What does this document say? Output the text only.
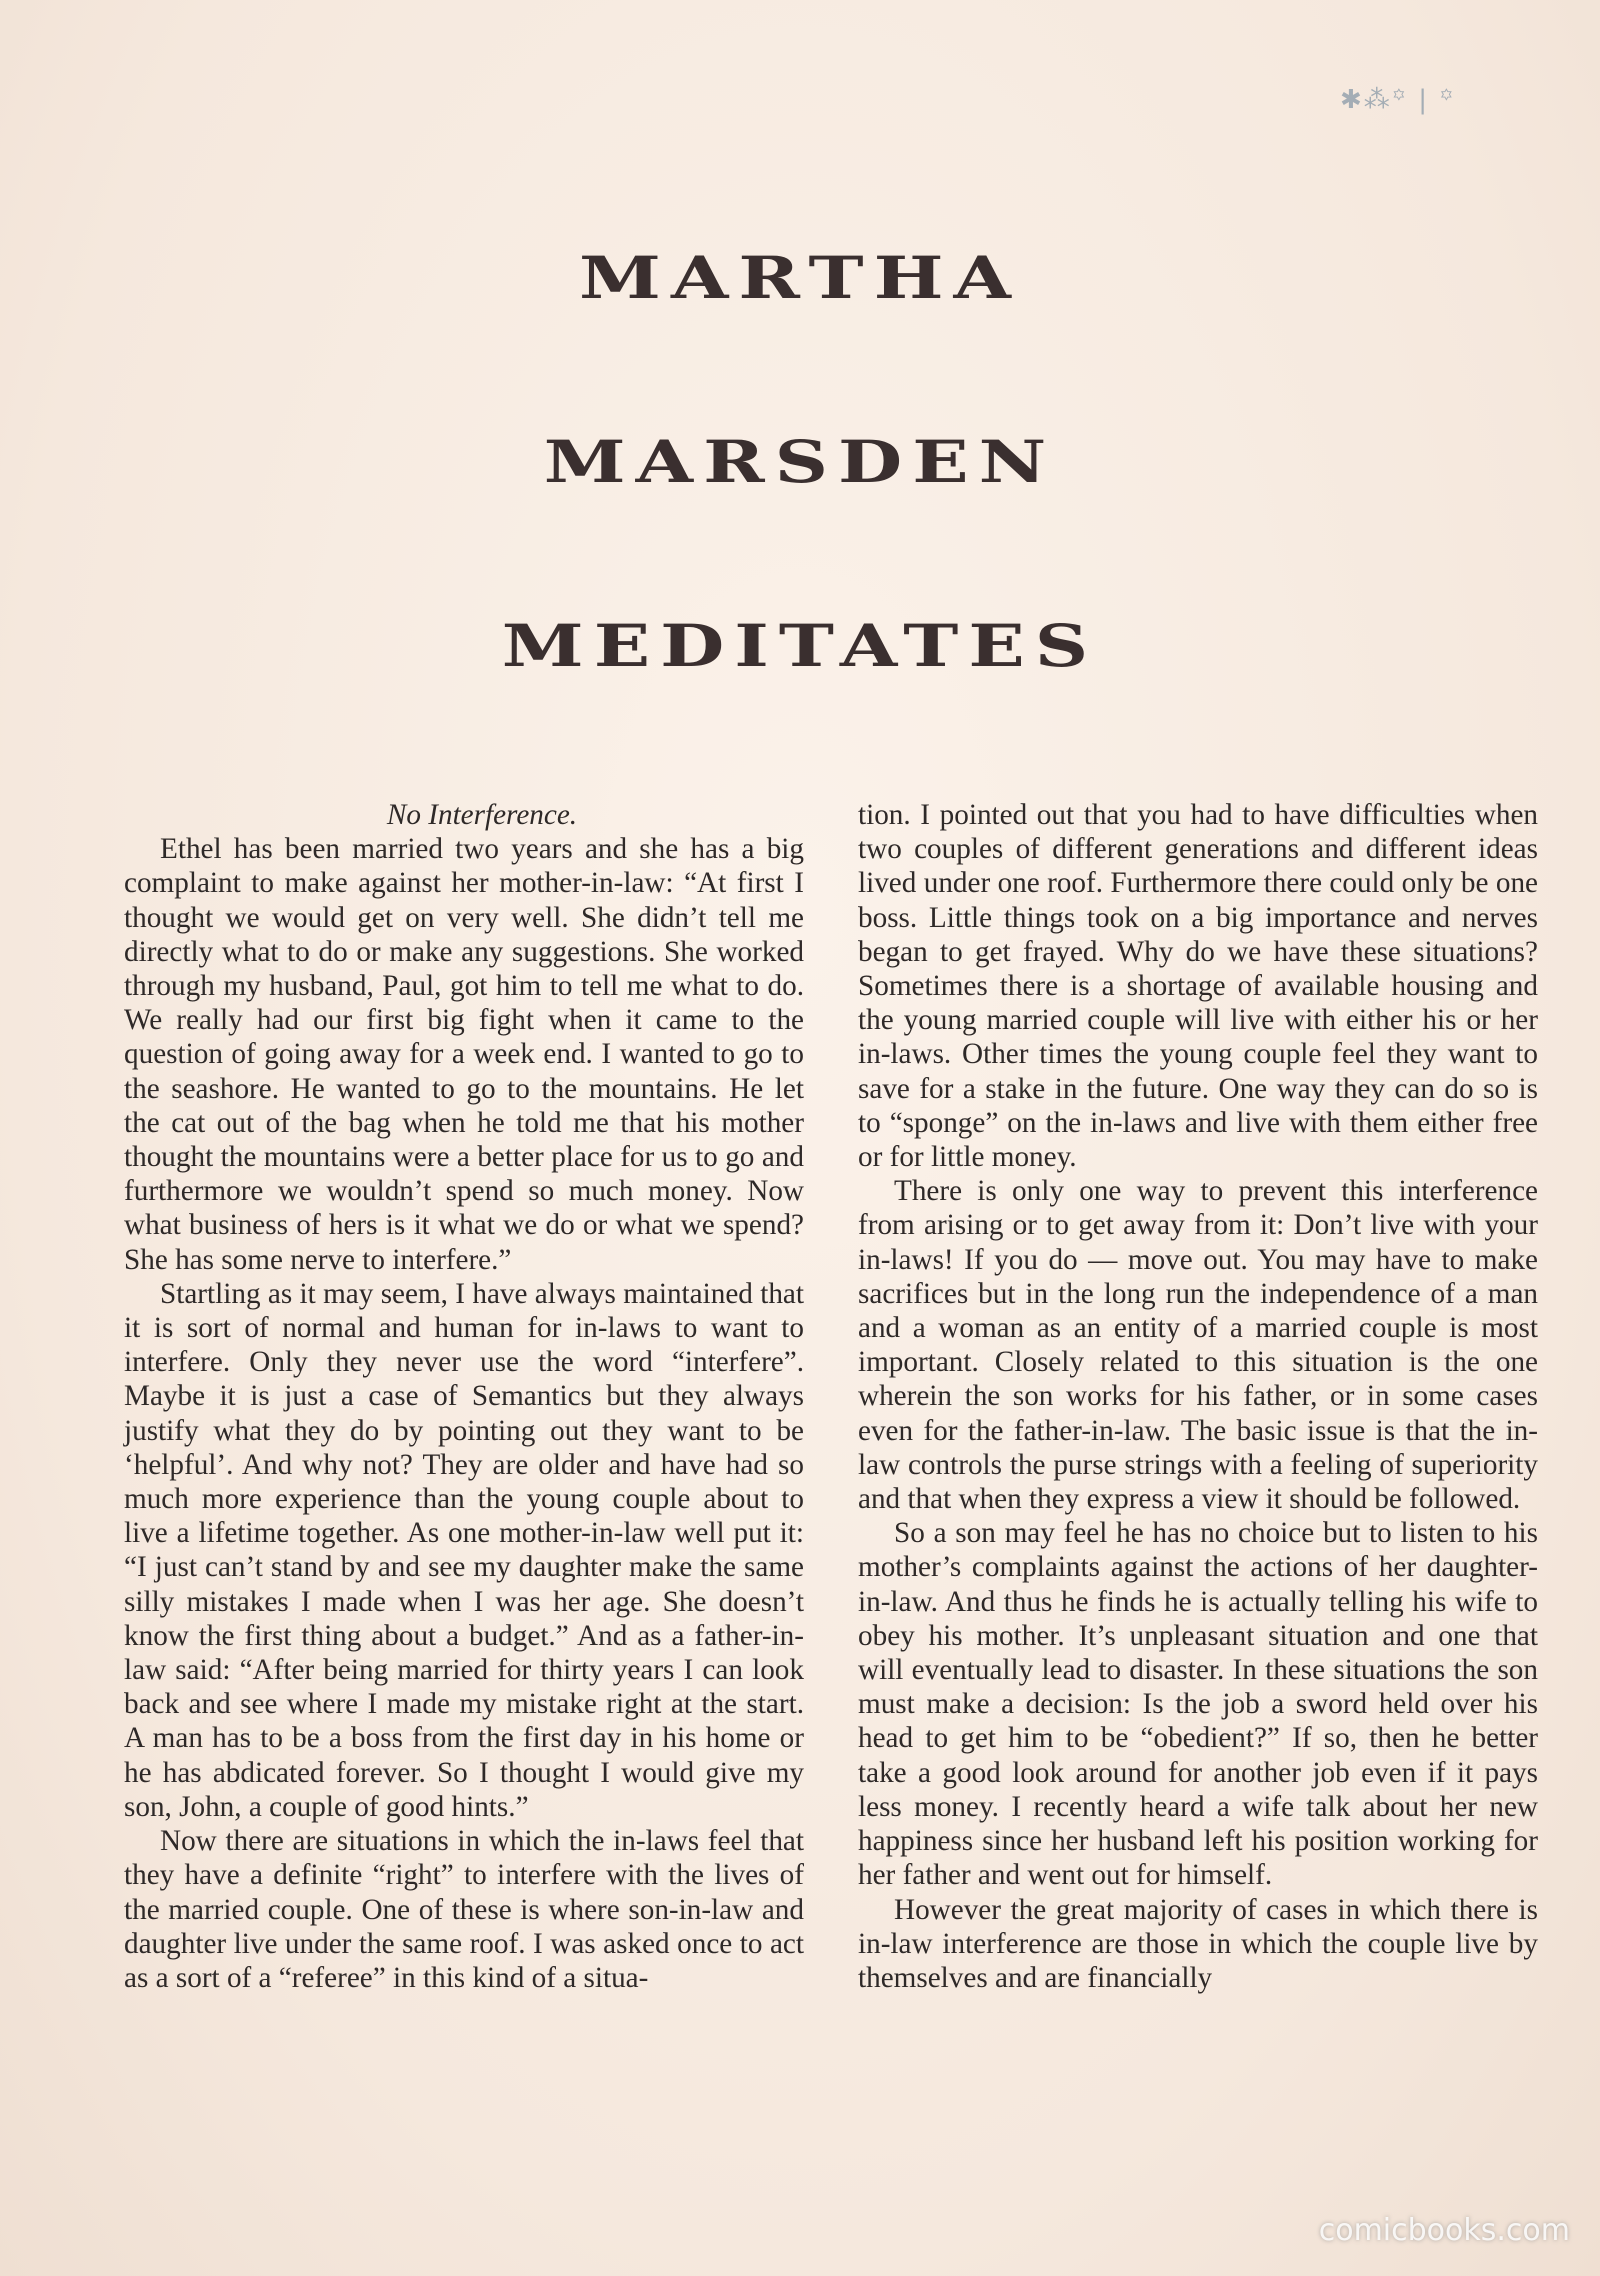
✱⁂꙳ | ꙳
MARTHA
MARSDEN
MEDITATES

No Interference.

Ethel has been married two years and she has a big complaint to make against her mother-in-law: “At first I thought we would get on very well. She didn’t tell me directly what to do or make any suggestions. She worked through my husband, Paul, got him to tell me what to do. We really had our first big fight when it came to the question of going away for a week end. I wanted to go to the seashore. He wanted to go to the mountains. He let the cat out of the bag when he told me that his mother thought the mountains were a better place for us to go and furthermore we wouldn’t spend so much money. Now what business of hers is it what we do or what we spend? She has some nerve to interfere.”

Startling as it may seem, I have always maintained that it is sort of normal and human for in-laws to want to interfere. Only they never use the word “interfere”. Maybe it is just a case of Semantics but they always justify what they do by pointing out they want to be ‘helpful’. And why not? They are older and have had so much more experience than the young couple about to live a lifetime together. As one mother-in-law well put it: “I just can’t stand by and see my daughter make the same silly mistakes I made when I was her age. She doesn’t know the first thing about a budget.” And as a father-in-law said: “After being married for thirty years I can look back and see where I made my mistake right at the start. A man has to be a boss from the first day in his home or he has abdicated forever. So I thought I would give my son, John, a couple of good hints.”

Now there are situations in which the in-laws feel that they have a definite “right” to interfere with the lives of the married couple. One of these is where son-in-law and daughter live under the same roof. I was asked once to act as a sort of a “referee” in this kind of a situa-

tion. I pointed out that you had to have difficulties when two couples of different generations and different ideas lived under one roof. Furthermore there could only be one boss. Little things took on a big importance and nerves began to get frayed. Why do we have these situations? Sometimes there is a shortage of available housing and the young married couple will live with either his or her in-laws. Other times the young couple feel they want to save for a stake in the future. One way they can do so is to “sponge” on the in-laws and live with them either free or for little money.

There is only one way to prevent this interference from arising or to get away from it: Don’t live with your in-laws! If you do — move out. You may have to make sacrifices but in the long run the independence of a man and a woman as an entity of a married couple is most important. Closely related to this situation is the one wherein the son works for his father, or in some cases even for the father-in-law. The basic issue is that the in-law controls the purse strings with a feeling of superiority and that when they express a view it should be followed.

So a son may feel he has no choice but to listen to his mother’s complaints against the actions of her daughter-in-law. And thus he finds he is actually telling his wife to obey his mother. It’s unpleasant situation and one that will eventually lead to disaster. In these situations the son must make a decision: Is the job a sword held over his head to get him to be “obedient?” If so, then he better take a good look around for another job even if it pays less money. I recently heard a wife talk about her new happiness since her husband left his position working for her father and went out for himself.

However the great majority of cases in which there is in-law interference are those in which the couple live by themselves and are financially

comicbooks.com
